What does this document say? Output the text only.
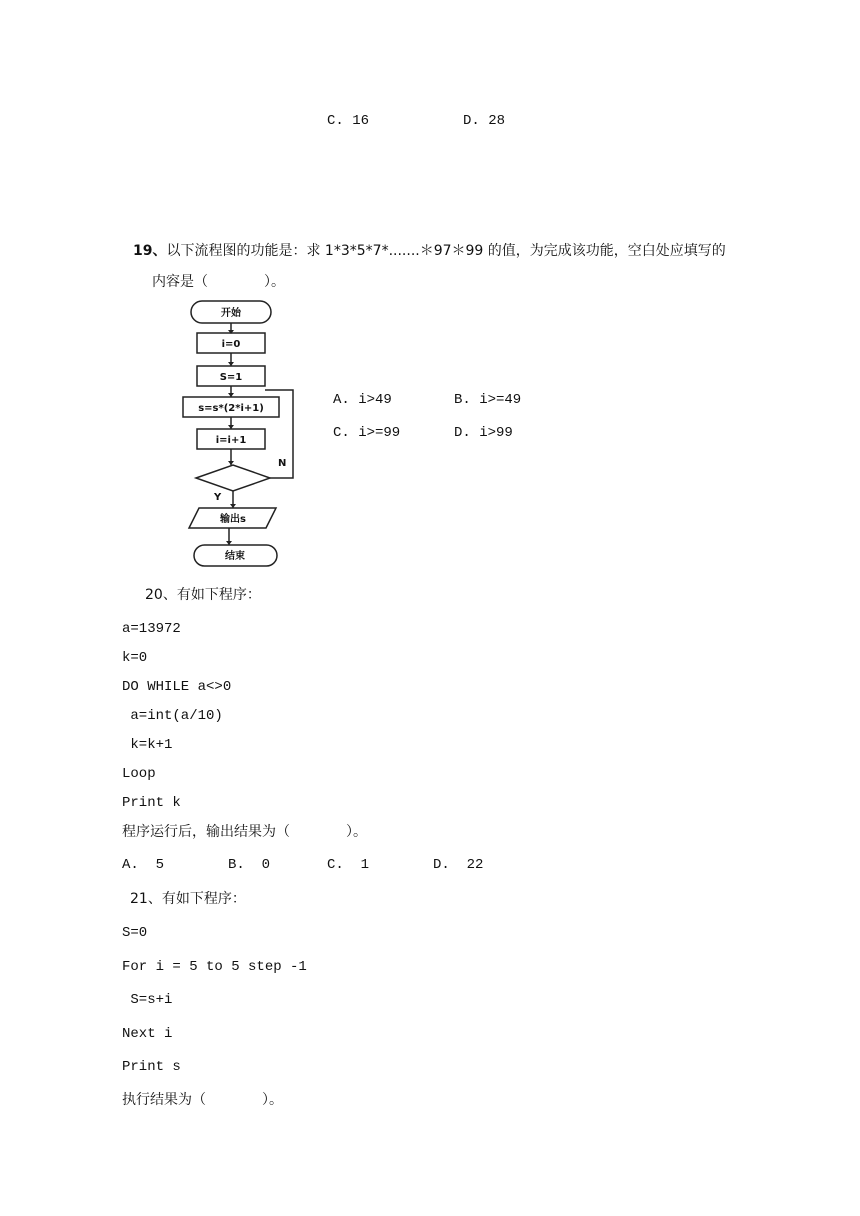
C. 16	D. 28
19、以下流程图的功能是：求 1*3*5*7*.......＊97＊99 的值，为完成该功能，空白处应填写的
内容是（　　　　）。
开始
i=0
S=1
s=s*(2*i+1)
i=i+1
N
Y
输出s
结束
A. i>49	B. i>=49
C. i>=99	D. i>99
20、有如下程序：
a=13972
k=0
DO WHILE a<>0
a=int(a/10)
k=k+1
Loop
Print k
程序运行后，输出结果为（　　　　）。
A.  5	B.  0	C.  1	D.  22
21、有如下程序：
S=0
For i = 5 to 5 step -1
S=s+i
Next i
Print s
执行结果为（　　　　）。
